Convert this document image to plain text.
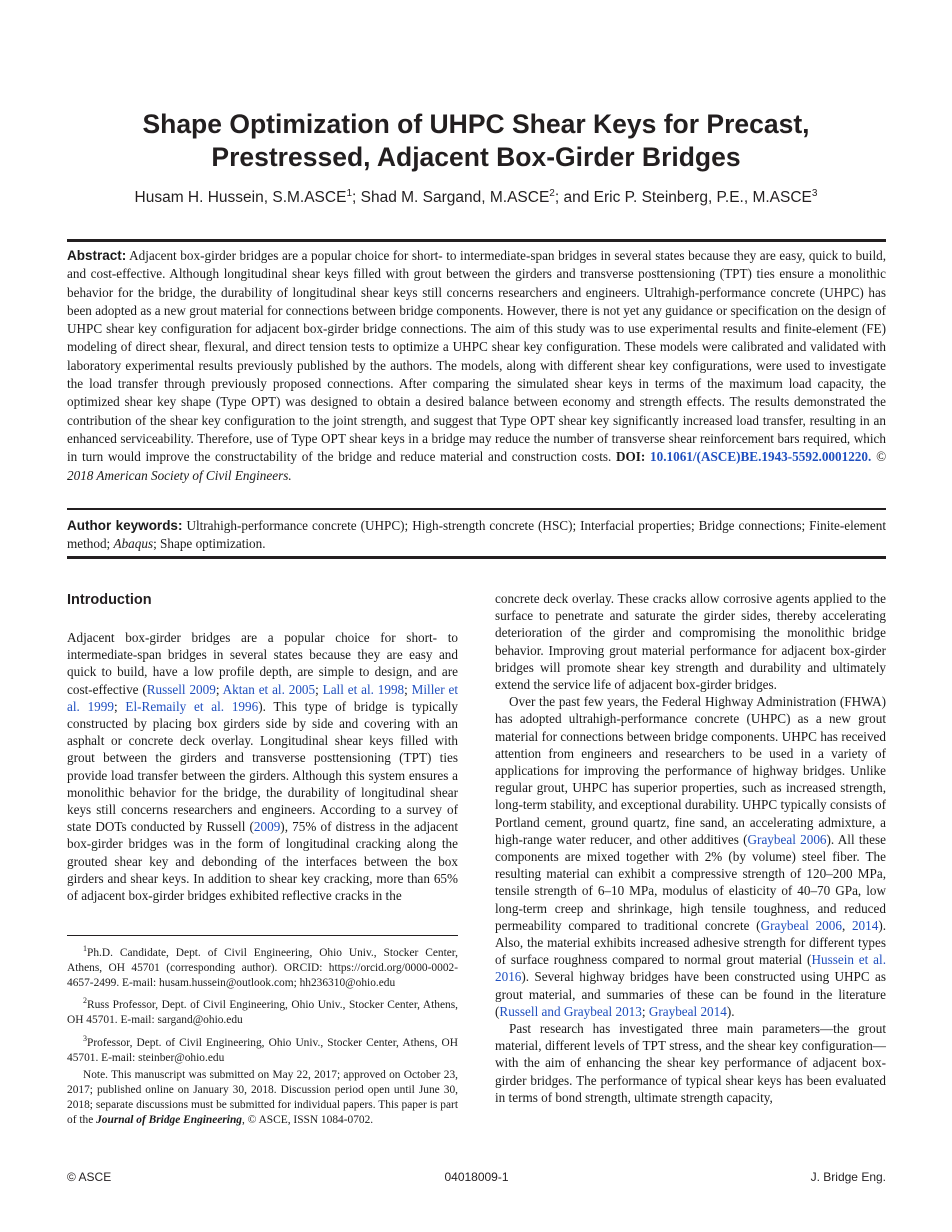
Shape Optimization of UHPC Shear Keys for Precast, Prestressed, Adjacent Box-Girder Bridges
Husam H. Hussein, S.M.ASCE$^1$; Shad M. Sargand, M.ASCE$^2$; and Eric P. Steinberg, P.E., M.ASCE$^3$

Abstract: Adjacent box-girder bridges are a popular choice for short- to intermediate-span bridges in several states because they are easy, quick to build, and cost-effective. Although longitudinal shear keys filled with grout between the girders and transverse posttensioning (TPT) ties ensure a monolithic behavior for the bridge, the durability of longitudinal shear keys still concerns researchers and engineers. Ultrahigh-performance concrete (UHPC) has been adopted as a new grout material for connections between bridge components. However, there is not yet any guidance or specification on the design of UHPC shear key configuration for adjacent box-girder bridge connections. The aim of this study was to use experimental results and finite-element (FE) modeling of direct shear, flexural, and direct tension tests to optimize a UHPC shear key configuration. These models were calibrated and validated with laboratory experimental results previously published by the authors. The models, along with different shear key configurations, were used to investigate the load transfer through previously proposed connections. After comparing the simulated shear keys in terms of the maximum load capacity, the optimized shear key shape (Type OPT) was designed to obtain a desired balance between economy and strength effects. The results demonstrated the contribution of the shear key configuration to the joint strength, and suggest that Type OPT shear key significantly increased load transfer, resulting in an enhanced serviceability. Therefore, use of Type OPT shear keys in a bridge may reduce the number of transverse shear reinforcement bars required, which in turn would improve the constructability of the bridge and reduce material and construction costs. DOI: 10.1061/(ASCE)BE.1943-5592.0001220. © 2018 American Society of Civil Engineers.

Author keywords: Ultrahigh-performance concrete (UHPC); High-strength concrete (HSC); Interfacial properties; Bridge connections; Finite-element method; Abaqus; Shape optimization.

Introduction

Adjacent box-girder bridges are a popular choice for short- to intermediate-span bridges in several states because they are easy and quick to build, have a low profile depth, are simple to design, and are cost-effective (Russell 2009; Aktan et al. 2005; Lall et al. 1998; Miller et al. 1999; El-Remaily et al. 1996). This type of bridge is typically constructed by placing box girders side by side and covering with an asphalt or concrete deck overlay. Longitudinal shear keys filled with grout between the girders and transverse posttensioning (TPT) ties provide load transfer between the girders. Although this system ensures a monolithic behavior for the bridge, the durability of longitudinal shear keys still concerns researchers and engineers. According to a survey of state DOTs conducted by Russell (2009), 75% of distress in the adjacent box-girder bridges was in the form of longitudinal cracking along the grouted shear key and debonding of the interfaces between the box girders and shear keys. In addition to shear key cracking, more than 65% of adjacent box-girder bridges exhibited reflective cracks in the

$^1$Ph.D. Candidate, Dept. of Civil Engineering, Ohio Univ., Stocker Center, Athens, OH 45701 (corresponding author). ORCID: https://orcid.org/0000-0002-4657-2499. E-mail: husam.hussein@outlook.com; hh236310@ohio.edu

$^2$Russ Professor, Dept. of Civil Engineering, Ohio Univ., Stocker Center, Athens, OH 45701. E-mail: sargand@ohio.edu

$^3$Professor, Dept. of Civil Engineering, Ohio Univ., Stocker Center, Athens, OH 45701. E-mail: steinber@ohio.edu

Note. This manuscript was submitted on May 22, 2017; approved on October 23, 2017; published online on January 30, 2018. Discussion period open until June 30, 2018; separate discussions must be submitted for individual papers. This paper is part of the Journal of Bridge Engineering, © ASCE, ISSN 1084-0702.

concrete deck overlay. These cracks allow corrosive agents applied to the surface to penetrate and saturate the girder sides, thereby accelerating deterioration of the girder and compromising the monolithic bridge behavior. Improving grout material performance for adjacent box-girder bridges will promote shear key strength and durability and ultimately extend the service life of adjacent box-girder bridges.

Over the past few years, the Federal Highway Administration (FHWA) has adopted ultrahigh-performance concrete (UHPC) as a new grout material for connections between bridge components. UHPC has received attention from engineers and researchers to be used in a variety of applications for improving the performance of highway bridges. Unlike regular grout, UHPC has superior properties, such as increased strength, long-term stability, and exceptional durability. UHPC typically consists of Portland cement, ground quartz, fine sand, an accelerating admixture, a high-range water reducer, and other additives (Graybeal 2006). All these components are mixed together with 2% (by volume) steel fiber. The resulting material can exhibit a compressive strength of 120–200 MPa, tensile strength of 6–10 MPa, modulus of elasticity of 40–70 GPa, low long-term creep and shrinkage, high tensile toughness, and reduced permeability compared to traditional concrete (Graybeal 2006, 2014). Also, the material exhibits increased adhesive strength for different types of surface roughness compared to normal grout material (Hussein et al. 2016). Several highway bridges have been constructed using UHPC as grout material, and summaries of these can be found in the literature (Russell and Graybeal 2013; Graybeal 2014).

Past research has investigated three main parameters—the grout material, different levels of TPT stress, and the shear key configuration—with the aim of enhancing the shear key performance of adjacent box-girder bridges. The performance of typical shear keys has been evaluated in terms of bond strength, ultimate strength capacity,

© ASCE	04018009-1	J. Bridge Eng.
